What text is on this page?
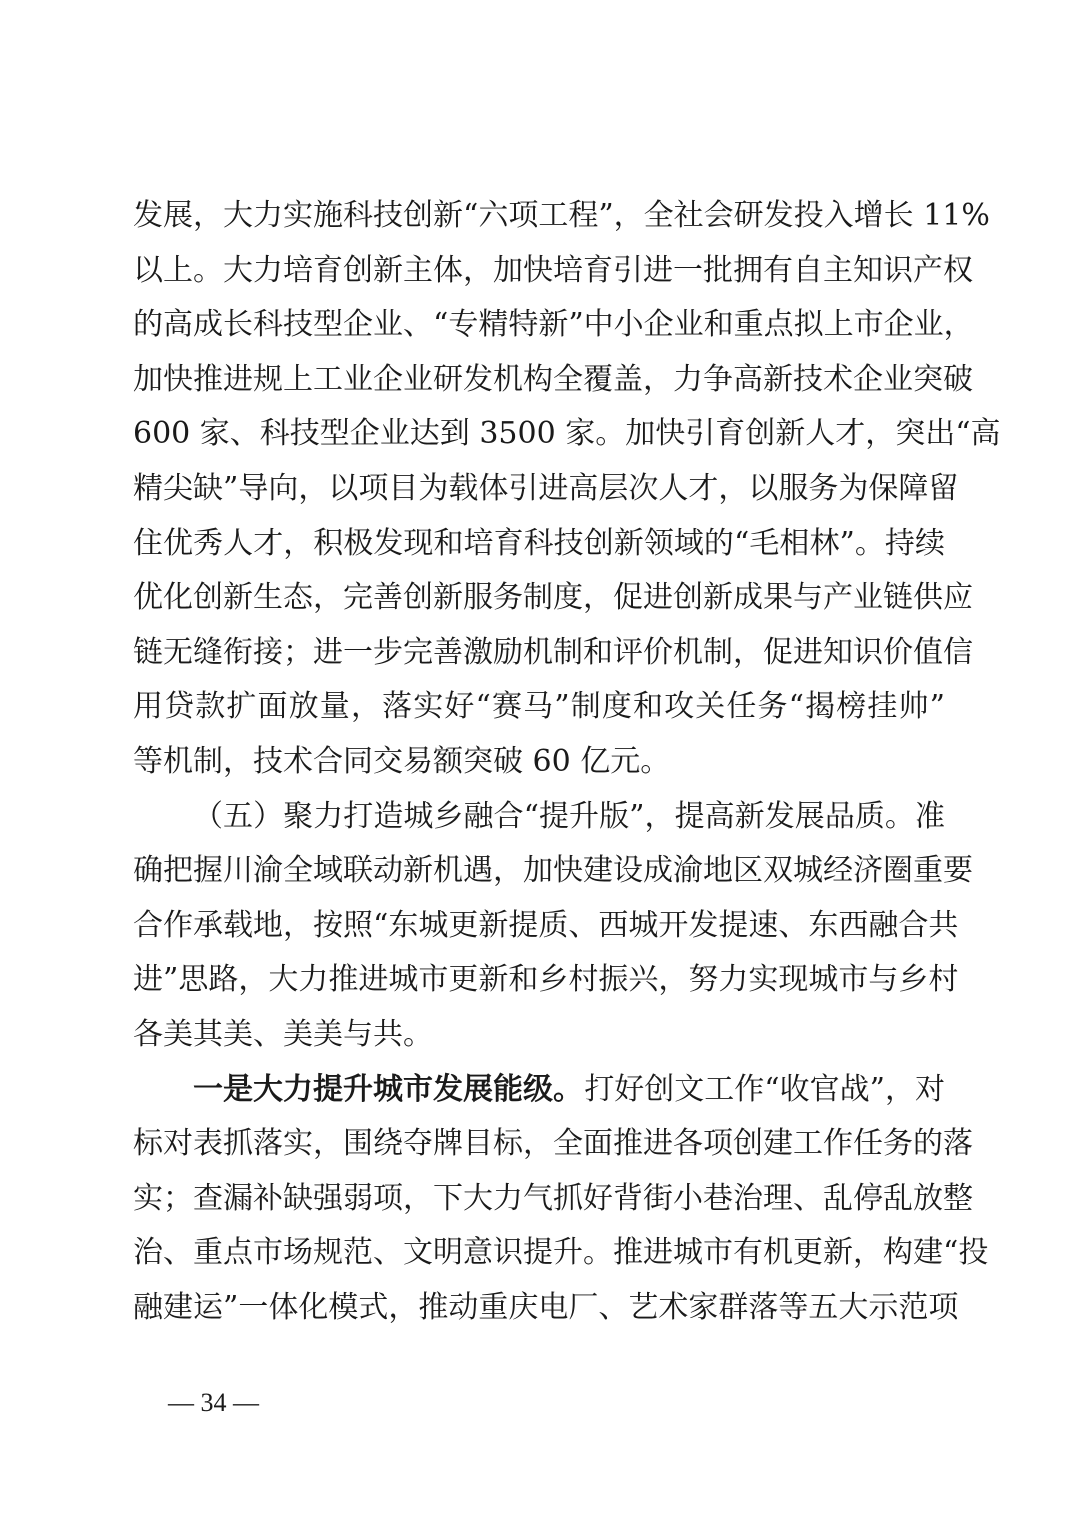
发展，大力实施科技创新“六项工程”，全社会研发投入增长 11%
以上。大力培育创新主体，加快培育引进一批拥有自主知识产权
的高成长科技型企业、“专精特新”中小企业和重点拟上市企业，
加快推进规上工业企业研发机构全覆盖，力争高新技术企业突破
600 家、科技型企业达到 3500 家。加快引育创新人才，突出“高
精尖缺”导向，以项目为载体引进高层次人才，以服务为保障留
住优秀人才，积极发现和培育科技创新领域的“毛相林”。持续
优化创新生态，完善创新服务制度，促进创新成果与产业链供应
链无缝衔接；进一步完善激励机制和评价机制，促进知识价值信
用贷款扩面放量，落实好“赛马”制度和攻关任务“揭榜挂帅”
等机制，技术合同交易额突破 60 亿元。
（五）聚力打造城乡融合“提升版”，提高新发展品质。准
确把握川渝全域联动新机遇，加快建设成渝地区双城经济圈重要
合作承载地，按照“东城更新提质、西城开发提速、东西融合共
进”思路，大力推进城市更新和乡村振兴，努力实现城市与乡村
各美其美、美美与共。
一是大力提升城市发展能级。 打好创文工作“收官战”，对
标对表抓落实，围绕夺牌目标，全面推进各项创建工作任务的落
实；查漏补缺强弱项，下大力气抓好背街小巷治理、乱停乱放整
治、重点市场规范、文明意识提升。推进城市有机更新，构建“投
融建运”一体化模式，推动重庆电厂、艺术家群落等五大示范项
— 34 —
